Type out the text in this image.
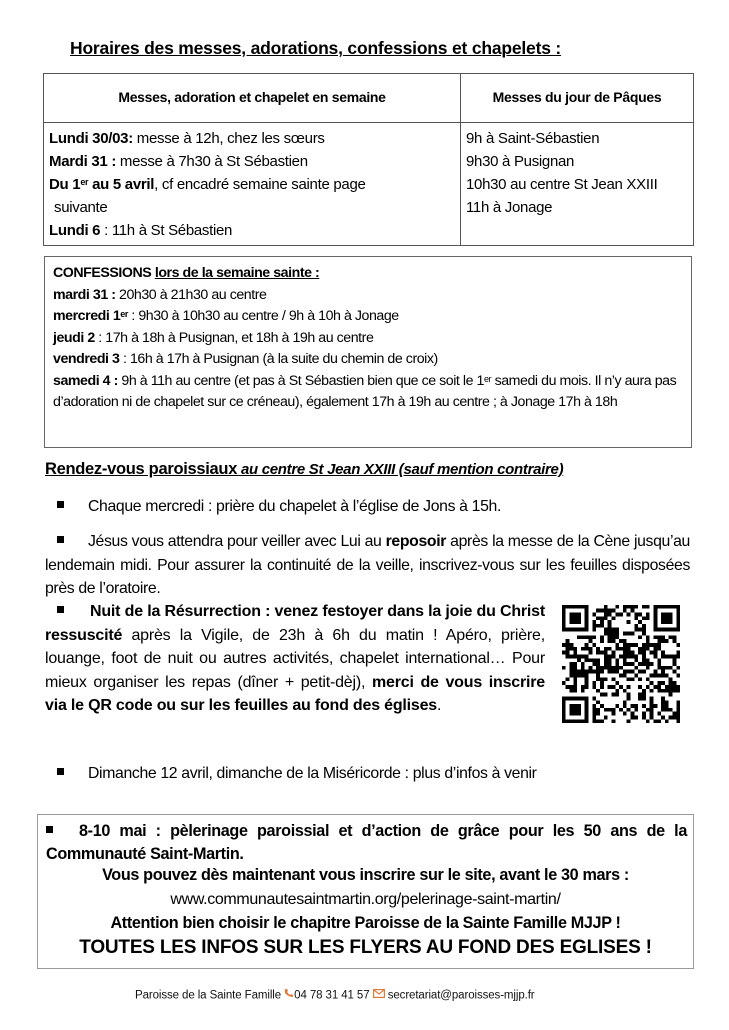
Horaires des messes, adorations, confessions et chapelets :
Messes, adoration et chapelet en semaine	Messes du jour de Pâques
Lundi 30/03: messe à 12h, chez les sœurs
Mardi 31 : messe à 7h30 à St Sébastien
Du 1er au 5 avril, cf encadré semaine sainte page
suivante
Lundi 6 : 11h à St Sébastien
9h à Saint-Sébastien
9h30 à Pusignan
10h30 au centre St Jean XXIII
11h à Jonage
CONFESSIONS lors de la semaine sainte :
mardi 31 : 20h30 à 21h30 au centre
mercredi 1er : 9h30 à 10h30 au centre / 9h à 10h à Jonage
jeudi 2 : 17h à 18h à Pusignan, et 18h à 19h au centre
vendredi 3 : 16h à 17h à Pusignan (à la suite du chemin de croix)
samedi 4 : 9h à 11h au centre (et pas à St Sébastien bien que ce soit le 1er samedi du mois. Il n’y aura pas d’adoration ni de chapelet sur ce créneau), également 17h à 19h au centre ; à Jonage 17h à 18h
Rendez-vous paroissiaux au centre St Jean XXIII (sauf mention contraire)
Chaque mercredi : prière du chapelet à l’église de Jons à 15h.
Jésus vous attendra pour veiller avec Lui au reposoir après la messe de la Cène jusqu’au lendemain midi. Pour assurer la continuité de la veille, inscrivez-vous sur les feuilles disposées près de l’oratoire.
Nuit de la Résurrection : venez festoyer dans la joie du Christ ressuscité après la Vigile, de 23h à 6h du matin ! Apéro, prière, louange, foot de nuit ou autres activités, chapelet international… Pour mieux organiser les repas (dîner + petit-dèj), merci de vous inscrire via le QR code ou sur les feuilles au fond des églises.
Dimanche 12 avril, dimanche de la Miséricorde : plus d’infos à venir
8-10 mai : pèlerinage paroissial et d’action de grâce pour les 50 ans de la Communauté Saint-Martin.
Vous pouvez dès maintenant vous inscrire sur le site, avant le 30 mars :
www.communautesaintmartin.org/pelerinage-saint-martin/
Attention bien choisir le chapitre Paroisse de la Sainte Famille MJJP !
TOUTES LES INFOS SUR LES FLYERS AU FOND DES EGLISES !
Paroisse de la Sainte Famille 04 78 31 41 57 secretariat@paroisses-mjjp.fr
